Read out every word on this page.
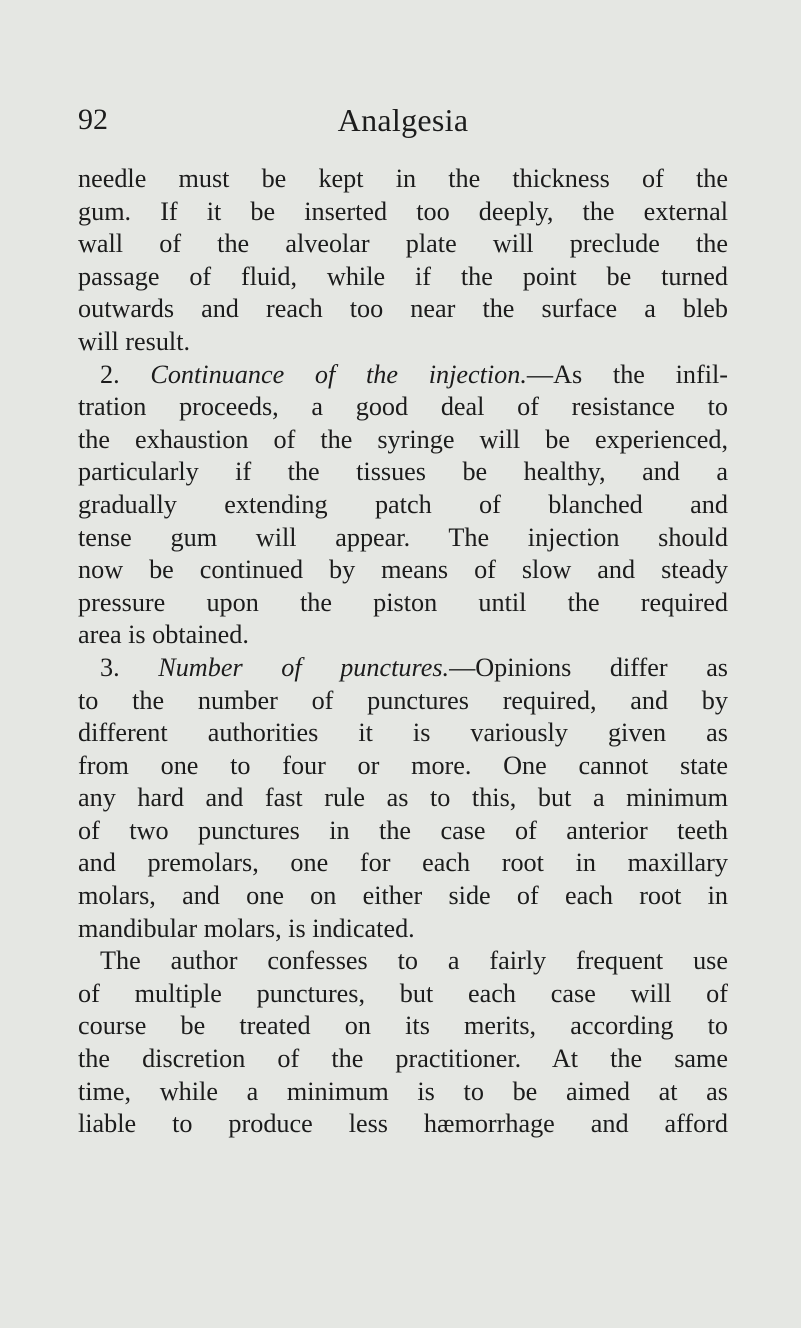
92	Analgesia
needle must be kept in the thickness of the
gum. If it be inserted too deeply, the external
wall of the alveolar plate will preclude the
passage of fluid, while if the point be turned
outwards and reach too near the surface a bleb
will result.
2. Continuance of the injection.—As the infil-
tration proceeds, a good deal of resistance to
the exhaustion of the syringe will be experienced,
particularly if the tissues be healthy, and a
gradually extending patch of blanched and
tense gum will appear. The injection should
now be continued by means of slow and steady
pressure upon the piston until the required
area is obtained.
3. Number of punctures.—Opinions differ as
to the number of punctures required, and by
different authorities it is variously given as
from one to four or more. One cannot state
any hard and fast rule as to this, but a minimum
of two punctures in the case of anterior teeth
and premolars, one for each root in maxillary
molars, and one on either side of each root in
mandibular molars, is indicated.
The author confesses to a fairly frequent use
of multiple punctures, but each case will of
course be treated on its merits, according to
the discretion of the practitioner. At the same
time, while a minimum is to be aimed at as
liable to produce less hæmorrhage and afford
